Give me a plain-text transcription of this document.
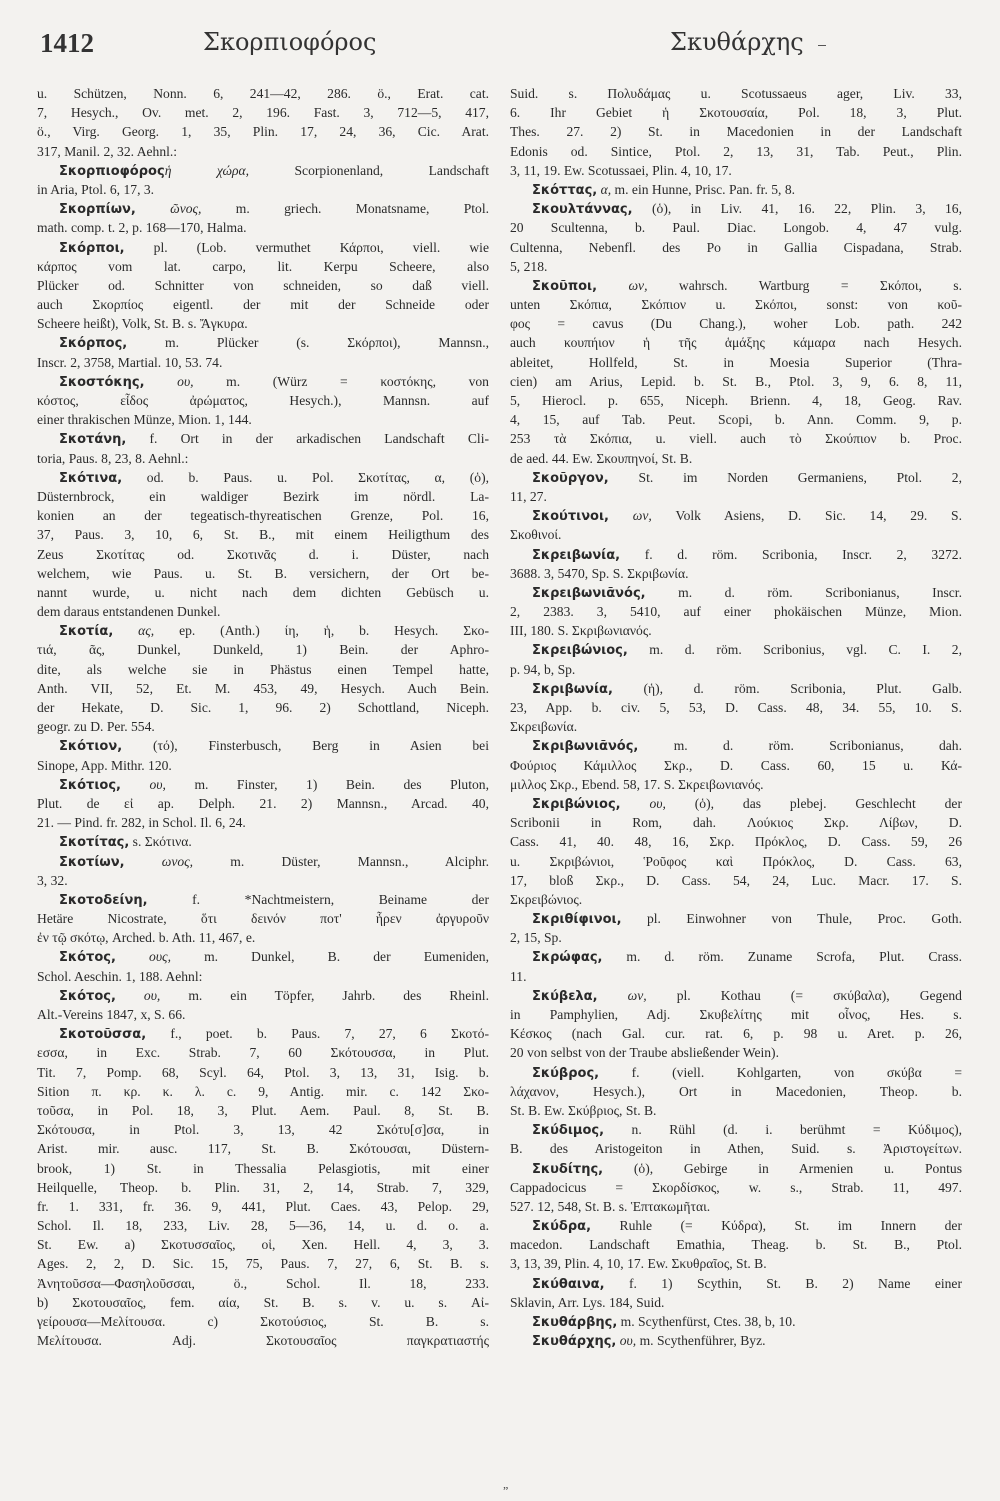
1412	Σκορπιοφόρος	Σκυθάρχης
u. Schützen, Nonn. 6, 241—42, 286. ö., Erat. cat.
7, Hesych., Ov. met. 2, 196. Fast. 3, 712—5, 417,
ö., Virg. Georg. 1, 35, Plin. 17, 24, 36, Cic. Arat.
317, Manil. 2, 32. Aehnl.:
Σκορπιοφόροςἡ χώρα, Scorpionenland, Landschaft
in Aria, Ptol. 6, 17, 3.
Σκορπίων, ῶνος, m. griech. Monatsname, Ptol.
math. comp. t. 2, p. 168—170, Halma.
Σκόρποι, pl. (Lob. vermuthet Κάρποι, viell. wie
κάρπος vom lat. carpo, lit. Kerpu Scheere, also
Plücker od. Schnitter von schneiden, so daß viell.
auch Σκορπίος eigentl. der mit der Schneide oder
Scheere heißt), Volk, St. B. s. Ἄγκυρα.
Σκόρπος, m. Plücker (s. Σκόρποι), Mannsn.,
Inscr. 2, 3758, Martial. 10, 53. 74.
Σκοστόκης, ου, m. (Würz = κοστόκης, von
κόστος, εἶδος ἀρώματος, Hesych.), Mannsn. auf
einer thrakischen Münze, Mion. 1, 144.
Σκοτάνη, f. Ort in der arkadischen Landschaft Cli-
toria, Paus. 8, 23, 8. Aehnl.:
Σκότινα, od. b. Paus. u. Pol. Σκοτίτας, α, (ὁ),
Düsternbrock, ein waldiger Bezirk im nördl. La-
konien an der tegeatisch-thyreatischen Grenze, Pol. 16,
37, Paus. 3, 10, 6, St. B., mit einem Heiligthum des
Zeus Σκοτίτας od. Σκοτινᾶς d. i. Düster, nach
welchem, wie Paus. u. St. B. versichern, der Ort be-
nannt wurde, u. nicht nach dem dichten Gebüsch u.
dem daraus entstandenen Dunkel.
Σκοτία, ας, ep. (Anth.) ίη, ἡ, b. Hesych. Σκο-
τιά, ᾶς, Dunkel, Dunkeld, 1) Bein. der Aphro-
dite, als welche sie in Phästus einen Tempel hatte,
Anth. VII, 52, Et. M. 453, 49, Hesych. Auch Bein.
der Hekate, D. Sic. 1, 96. 2) Schottland, Niceph.
geogr. zu D. Per. 554.
Σκότιον, (τό), Finsterbusch, Berg in Asien bei
Sinope, App. Mithr. 120.
Σκότιος, ου, m. Finster, 1) Bein. des Pluton,
Plut. de εἰ ap. Delph. 21. 2) Mannsn., Arcad. 40,
21. — Pind. fr. 282, in Schol. Il. 6, 24.
Σκοτίτας, s. Σκότινα.
Σκοτίων, ωνος, m. Düster, Mannsn., Alciphr.
3, 32.
Σκοτοδείνη, f. *Nachtmeistern, Beiname der
Hetäre Nicostrate, ὅτι δεινόν ποτ' ἦρεν ἀργυροῦν
ἐν τῷ σκότῳ, Arched. b. Ath. 11, 467, e.
Σκότος, ους, m. Dunkel, B. der Eumeniden,
Schol. Aeschin. 1, 188. Aehnl:
Σκότος, ου, m. ein Töpfer, Jahrb. des Rheinl.
Alt.-Vereins 1847, x, S. 66.
Σκοτοῦσσα, f., poet. b. Paus. 7, 27, 6 Σκοτό-
εσσα, in Exc. Strab. 7, 60 Σκότουσσα, in Plut.
Tit. 7, Pomp. 68, Scyl. 64, Ptol. 3, 13, 31, Isig. b.
Sition π. κρ. κ. λ. c. 9, Antig. mir. c. 142 Σκο-
τοῦσα, in Pol. 18, 3, Plut. Aem. Paul. 8, St. B.
Σκότουσα, in Ptol. 3, 13, 42 Σκότυ[σ]σα, in
Arist. mir. ausc. 117, St. B. Σκότουσαι, Düstern-
brook, 1) St. in Thessalia Pelasgiotis, mit einer
Heilquelle, Theop. b. Plin. 31, 2, 14, Strab. 7, 329,
fr. 1. 331, fr. 36. 9, 441, Plut. Caes. 43, Pelop. 29,
Schol. Il. 18, 233, Liv. 28, 5—36, 14, u. d. o. a.
St. Ew. a) Σκοτυσσαῖος, οἱ, Xen. Hell. 4, 3, 3.
Ages. 2, 2, D. Sic. 15, 75, Paus. 7, 27, 6, St. B. s.
Ἀνητοῦσσα—Φασηλοῦσσαι, ö., Schol. Il. 18, 233.
b) Σκοτουσαῖος, fem. αία, St. B. s. v. u. s. Αἰ-
γείρουσα—Μελίτουσα. c) Σκοτούσιος, St. B. s.
Μελίτουσα. Adj. Σκοτουσαῖος παγκρατιαστής
Suid. s. Πολυδάμας u. Scotussaeus ager, Liv. 33,
6. Ihr Gebiet ἡ Σκοτουσαία, Pol. 18, 3, Plut.
Thes. 27. 2) St. in Macedonien in der Landschaft
Edonis od. Sintice, Ptol. 2, 13, 31, Tab. Peut., Plin.
3, 11, 19. Ew. Scotussaei, Plin. 4, 10, 17.
Σκόττας, α, m. ein Hunne, Prisc. Pan. fr. 5, 8.
Σκουλτάννας, (ὁ), in Liv. 41, 16. 22, Plin. 3, 16,
20 Scultenna, b. Paul. Diac. Longob. 4, 47 vulg.
Cultenna, Nebenfl. des Po in Gallia Cispadana, Strab.
5, 218.
Σκοῦποι, ων, wahrsch. Wartburg = Σκόποι, s.
unten Σκόπια, Σκόπιον u. Σκόποι, sonst: von κοῦ-
φος = cavus (Du Chang.), woher Lob. path. 242
auch κουπήιον ἡ τῆς ἁμάξης κάμαρα nach Hesych.
ableitet, Hollfeld, St. in Moesia Superior (Thra-
cien) am Arius, Lepid. b. St. B., Ptol. 3, 9, 6. 8, 11,
5, Hierocl. p. 655, Niceph. Brienn. 4, 18, Geog. Rav.
4, 15, auf Tab. Peut. Scopi, b. Ann. Comm. 9, p.
253 τὰ Σκόπια, u. viell. auch τὸ Σκούπιον b. Proc.
de aed. 44. Ew. Σκουπηνοί, St. B.
Σκοῦργον, St. im Norden Germaniens, Ptol. 2,
11, 27.
Σκούτινοι, ων, Volk Asiens, D. Sic. 14, 29. S.
Σκοθινοί.
Σκρειβωνία, f. d. röm. Scribonia, Inscr. 2, 3272.
3688. 3, 5470, Sp. S. Σκριβωνία.
Σκρειβωνιᾶνός, m. d. röm. Scribonianus, Inscr.
2, 2383. 3, 5410, auf einer phokäischen Münze, Mion.
III, 180. S. Σκριβωνιανός.
Σκρειβώνιος, m. d. röm. Scribonius, vgl. C. I. 2,
p. 94, b, Sp.
Σκριβωνία, (ἡ), d. röm. Scribonia, Plut. Galb.
23, App. b. civ. 5, 53, D. Cass. 48, 34. 55, 10. S.
Σκρειβωνία.
Σκριβωνιᾶνός, m. d. röm. Scribonianus, dah.
Φούριος Κάμιλλος Σκρ., D. Cass. 60, 15 u. Κά-
μιλλος Σκρ., Ebend. 58, 17. S. Σκρειβωνιανός.
Σκριβώνιος, ου, (ὁ), das plebej. Geschlecht der
Scribonii in Rom, dah. Λούκιος Σκρ. Λίβων, D.
Cass. 41, 40. 48, 16, Σκρ. Πρόκλος, D. Cass. 59, 26
u. Σκριβώνιοι, Ῥοῦφος καὶ Πρόκλος, D. Cass. 63,
17, bloß Σκρ., D. Cass. 54, 24, Luc. Macr. 17. S.
Σκρειβώνιος.
Σκριθίφινοι, pl. Einwohner von Thule, Proc. Goth.
2, 15, Sp.
Σκρώφας, m. d. röm. Zuname Scrofa, Plut. Crass.
11.
Σκύβελα, ων, pl. Kothau (= σκύβαλα), Gegend
in Pamphylien, Adj. Σκυβελίτης mit οἶνος, Hes. s.
Κέσκος (nach Gal. cur. rat. 6, p. 98 u. Aret. p. 26,
20 von selbst von der Traube absließender Wein).
Σκύβρος, f. (viell. Kohlgarten, von σκύβα =
λάχανον, Hesych.), Ort in Macedonien, Theop. b.
St. B. Ew. Σκύβριος, St. B.
Σκύδιμος, n. Rühl (d. i. berühmt = Κύδιμος),
B. des Aristogeiton in Athen, Suid. s. Ἀριστογείτων.
Σκυδίτης, (ὁ), Gebirge in Armenien u. Pontus
Cappadocicus = Σκορδίσκος, w. s., Strab. 11, 497.
527. 12, 548, St. B. s. Ἑπτακωμῆται.
Σκύδρα, Ruhle (= Κύδρα), St. im Innern der
macedon. Landschaft Emathia, Theag. b. St. B., Ptol.
3, 13, 39, Plin. 4, 10, 17. Ew. Σκυθραῖος, St. B.
Σκύθαινα, f. 1) Scythin, St. B. 2) Name einer
Sklavin, Arr. Lys. 184, Suid.
Σκυθάρβης, m. Scythenfürst, Ctes. 38, b, 10.
Σκυθάρχης, ου, m. Scythenführer, Byz.
„
